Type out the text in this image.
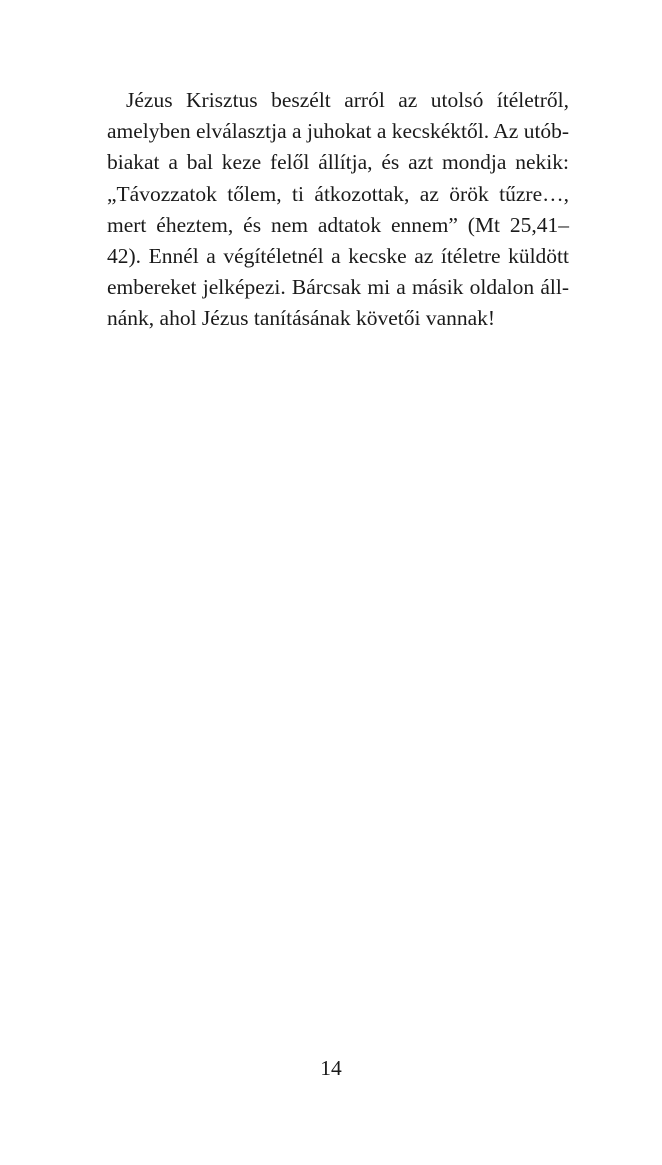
Jézus Krisztus beszélt arról az utolsó ítéletről,
amelyben elválasztja a juhokat a kecskéktől. Az utób-
biakat a bal keze felől állítja, és azt mondja nekik:
„Távozzatok tőlem, ti átkozottak, az örök tűzre…,
mert éheztem, és nem adtatok ennem” (Mt 25,41–
42). Ennél a végítéletnél a kecske az ítéletre küldött
embereket jelképezi. Bárcsak mi a másik oldalon áll-
nánk, ahol Jézus tanításának követői vannak!
14
